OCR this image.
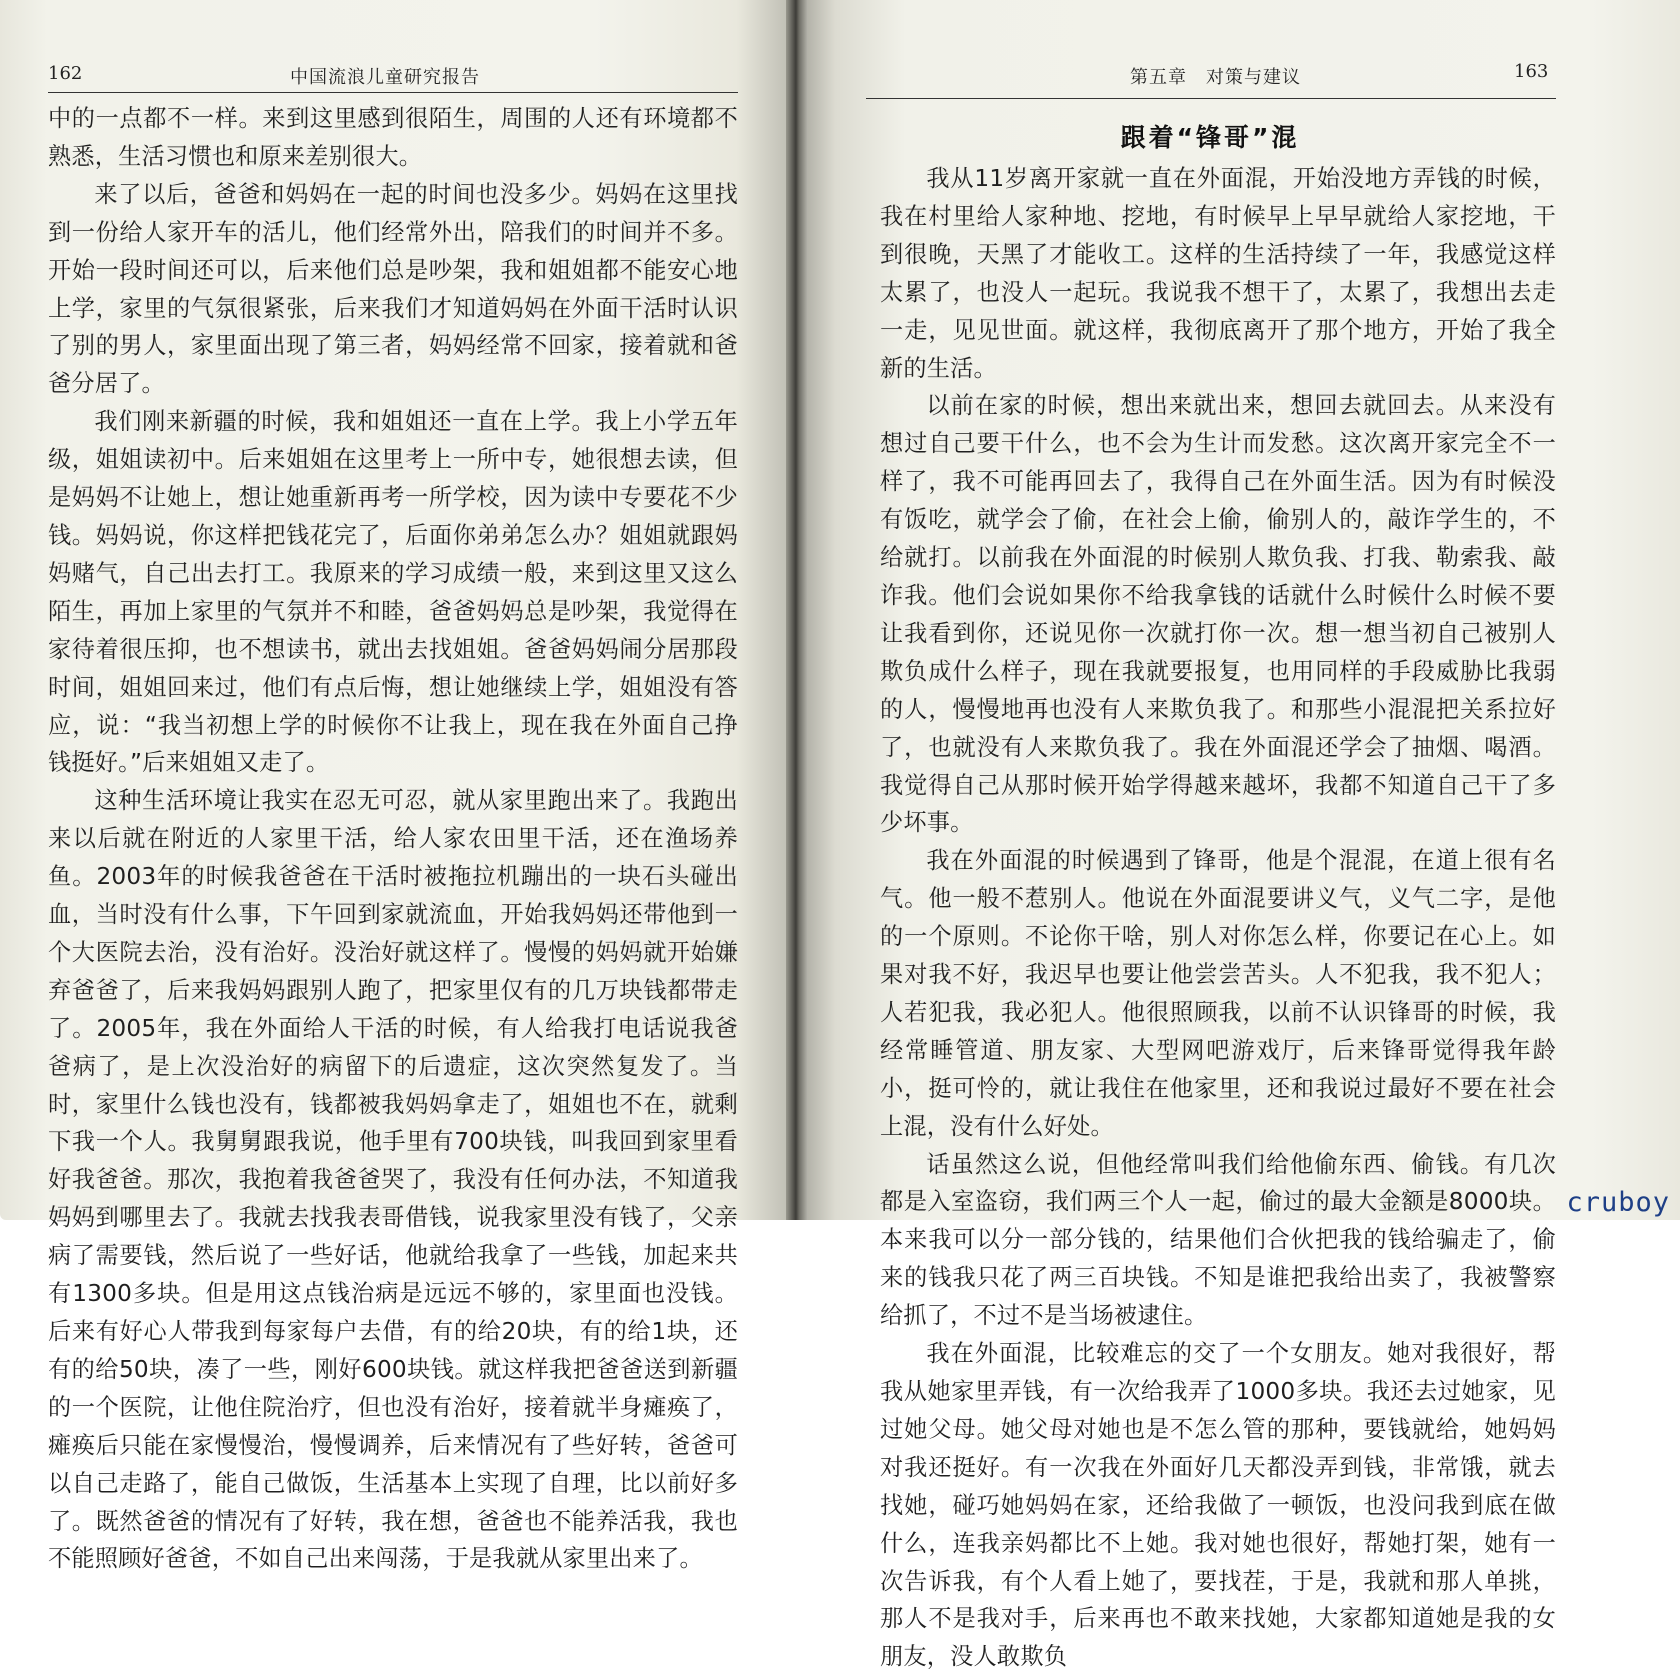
162	中国流浪儿童研究报告

中的一点都不一样。来到这里感到很陌生，周围的人还有环境都不熟悉，生活习惯也和原来差别很大。

来了以后，爸爸和妈妈在一起的时间也没多少。妈妈在这里找到一份给人家开车的活儿，他们经常外出，陪我们的时间并不多。开始一段时间还可以，后来他们总是吵架，我和姐姐都不能安心地上学，家里的气氛很紧张，后来我们才知道妈妈在外面干活时认识了别的男人，家里面出现了第三者，妈妈经常不回家，接着就和爸爸分居了。

我们刚来新疆的时候，我和姐姐还一直在上学。我上小学五年级，姐姐读初中。后来姐姐在这里考上一所中专，她很想去读，但是妈妈不让她上，想让她重新再考一所学校，因为读中专要花不少钱。妈妈说，你这样把钱花完了，后面你弟弟怎么办？姐姐就跟妈妈赌气，自己出去打工。我原来的学习成绩一般，来到这里又这么陌生，再加上家里的气氛并不和睦，爸爸妈妈总是吵架，我觉得在家待着很压抑，也不想读书，就出去找姐姐。爸爸妈妈闹分居那段时间，姐姐回来过，他们有点后悔，想让她继续上学，姐姐没有答应，说：“我当初想上学的时候你不让我上，现在我在外面自己挣钱挺好。”后来姐姐又走了。

这种生活环境让我实在忍无可忍，就从家里跑出来了。我跑出来以后就在附近的人家里干活，给人家农田里干活，还在渔场养鱼。2003年的时候我爸爸在干活时被拖拉机蹦出的一块石头碰出血，当时没有什么事，下午回到家就流血，开始我妈妈还带他到一个大医院去治，没有治好。没治好就这样了。慢慢的妈妈就开始嫌弃爸爸了，后来我妈妈跟别人跑了，把家里仅有的几万块钱都带走了。2005年，我在外面给人干活的时候，有人给我打电话说我爸爸病了，是上次没治好的病留下的后遗症，这次突然复发了。当时，家里什么钱也没有，钱都被我妈妈拿走了，姐姐也不在，就剩下我一个人。我舅舅跟我说，他手里有700块钱，叫我回到家里看好我爸爸。那次，我抱着我爸爸哭了，我没有任何办法，不知道我妈妈到哪里去了。我就去找我表哥借钱，说我家里没有钱了，父亲病了需要钱，然后说了一些好话，他就给我拿了一些钱，加起来共有1300多块。但是用这点钱治病是远远不够的，家里面也没钱。后来有好心人带我到每家每户去借，有的给20块，有的给1块，还有的给50块，凑了一些，刚好600块钱。就这样我把爸爸送到新疆的一个医院，让他住院治疗，但也没有治好，接着就半身瘫痪了，瘫痪后只能在家慢慢治，慢慢调养，后来情况有了些好转，爸爸可以自己走路了，能自己做饭，生活基本上实现了自理，比以前好多了。既然爸爸的情况有了好转，我在想，爸爸也不能养活我，我也不能照顾好爸爸，不如自己出来闯荡，于是我就从家里出来了。

第五章　对策与建议	163
跟着“锋哥”混

我从11岁离开家就一直在外面混，开始没地方弄钱的时候，我在村里给人家种地、挖地，有时候早上早早就给人家挖地，干到很晚，天黑了才能收工。这样的生活持续了一年，我感觉这样太累了，也没人一起玩。我说我不想干了，太累了，我想出去走一走，见见世面。就这样，我彻底离开了那个地方，开始了我全新的生活。

以前在家的时候，想出来就出来，想回去就回去。从来没有想过自己要干什么，也不会为生计而发愁。这次离开家完全不一样了，我不可能再回去了，我得自己在外面生活。因为有时候没有饭吃，就学会了偷，在社会上偷，偷别人的，敲诈学生的，不给就打。以前我在外面混的时候别人欺负我、打我、勒索我、敲诈我。他们会说如果你不给我拿钱的话就什么时候什么时候不要让我看到你，还说见你一次就打你一次。想一想当初自己被别人欺负成什么样子，现在我就要报复，也用同样的手段威胁比我弱的人，慢慢地再也没有人来欺负我了。和那些小混混把关系拉好了，也就没有人来欺负我了。我在外面混还学会了抽烟、喝酒。我觉得自己从那时候开始学得越来越坏，我都不知道自己干了多少坏事。

我在外面混的时候遇到了锋哥，他是个混混，在道上很有名气。他一般不惹别人。他说在外面混要讲义气，义气二字，是他的一个原则。不论你干啥，别人对你怎么样，你要记在心上。如果对我不好，我迟早也要让他尝尝苦头。人不犯我，我不犯人；人若犯我，我必犯人。他很照顾我，以前不认识锋哥的时候，我经常睡管道、朋友家、大型网吧游戏厅，后来锋哥觉得我年龄小，挺可怜的，就让我住在他家里，还和我说过最好不要在社会上混，没有什么好处。

话虽然这么说，但他经常叫我们给他偷东西、偷钱。有几次都是入室盗窃，我们两三个人一起，偷过的最大金额是8000块。本来我可以分一部分钱的，结果他们合伙把我的钱给骗走了，偷来的钱我只花了两三百块钱。不知是谁把我给出卖了，我被警察给抓了，不过不是当场被逮住。

我在外面混，比较难忘的交了一个女朋友。她对我很好，帮我从她家里弄钱，有一次给我弄了1000多块。我还去过她家，见过她父母。她父母对她也是不怎么管的那种，要钱就给，她妈妈对我还挺好。有一次我在外面好几天都没弄到钱，非常饿，就去找她，碰巧她妈妈在家，还给我做了一顿饭，也没问我到底在做什么，连我亲妈都比不上她。我对她也很好，帮她打架，她有一次告诉我，有个人看上她了，要找茬，于是，我就和那人单挑，那人不是我对手，后来再也不敢来找她，大家都知道她是我的女朋友，没人敢欺负

cruboy
